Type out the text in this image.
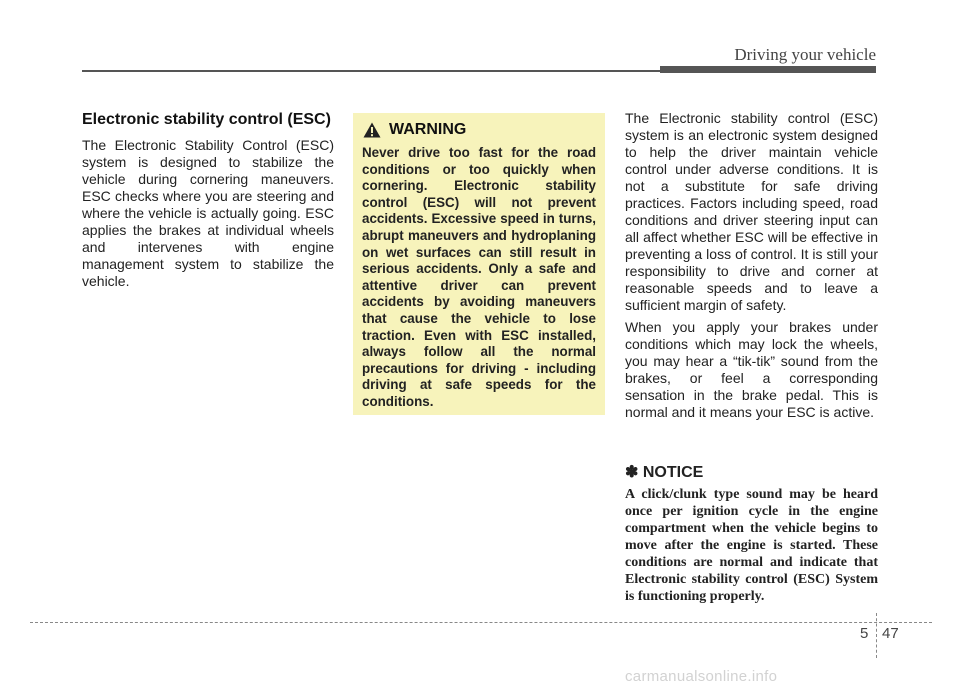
Driving your vehicle
Electronic stability control (ESC)

The Electronic Stability Control (ESC) system is designed to stabilize the vehicle during cornering maneuvers. ESC checks where you are steering and where the vehicle is actually going. ESC applies the brakes at individual wheels and intervenes with engine management system to stabilize the vehicle.

WARNING

Never drive too fast for the road conditions or too quickly when cornering. Electronic stability control (ESC) will not prevent accidents. Excessive speed in turns, abrupt maneuvers and hydroplaning on wet surfaces can still result in serious accidents. Only a safe and attentive driver can prevent accidents by avoiding maneuvers that cause the vehicle to lose traction. Even with ESC installed, always follow all the normal precautions for driving - including driving at safe speeds for the conditions.

The Electronic stability control (ESC) system is an electronic system designed to help the driver maintain vehicle control under adverse conditions. It is not a substitute for safe driving practices. Factors including speed, road conditions and driver steering input can all affect whether ESC will be effective in preventing a loss of control. It is still your responsibility to drive and corner at reasonable speeds and to leave a sufficient margin of safety.

When you apply your brakes under conditions which may lock the wheels, you may hear a “tik-tik” sound from the brakes, or feel a corresponding sensation in the brake pedal. This is normal and it means your ESC is active.

✽ NOTICE

A click/clunk type sound may be heard once per ignition cycle in the engine compartment when the vehicle begins to move after the engine is started. These conditions are normal and indicate that Electronic stability control (ESC) System is functioning properly.

5 47
carmanualsonline.info
